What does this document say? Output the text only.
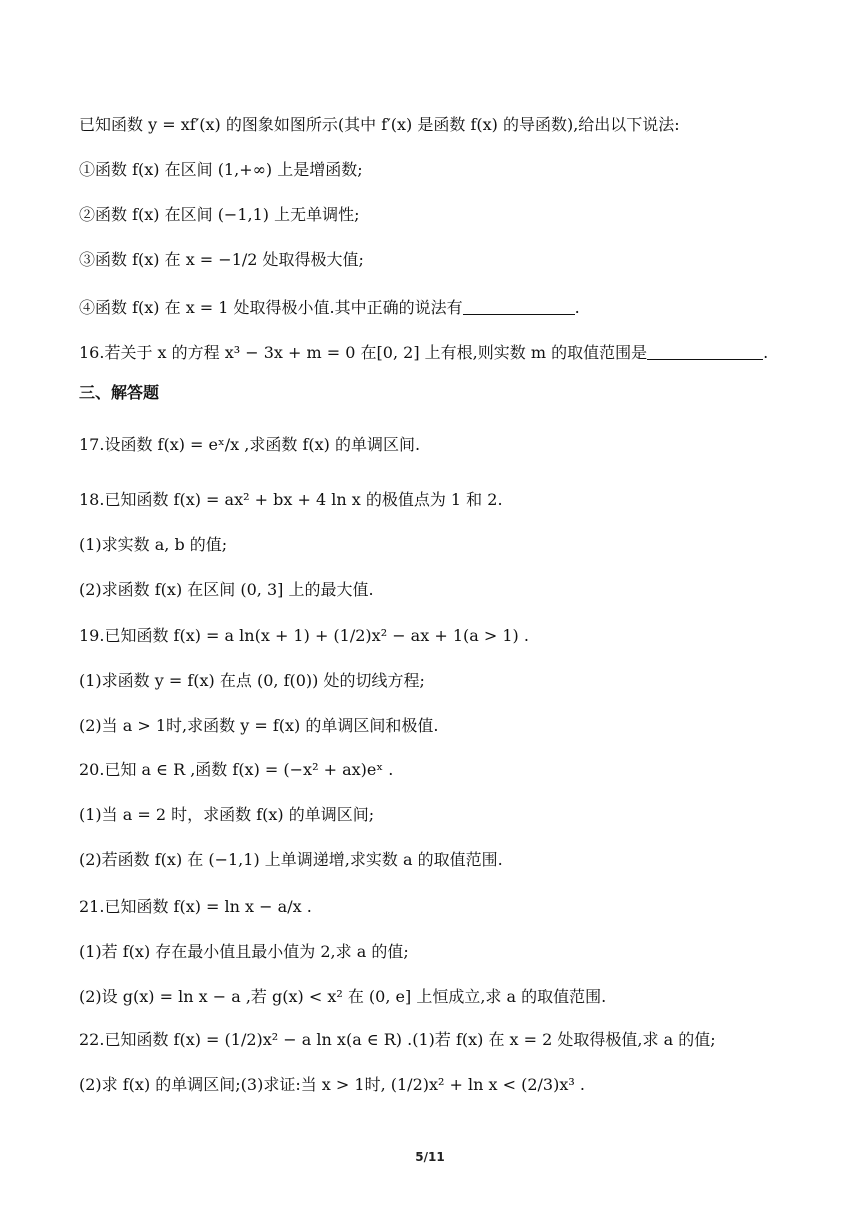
已知函数 y = xf′(x) 的图象如图所示(其中 f′(x) 是函数 f(x) 的导函数),给出以下说法:
①函数 f(x) 在区间 (1,+∞) 上是增函数;
②函数 f(x) 在区间 (−1,1) 上无单调性;
③函数 f(x) 在 x = −1/2 处取得极大值;
④函数 f(x) 在 x = 1 处取得极小值.其中正确的说法有	.
16.若关于 x 的方程 x³ − 3x + m = 0 在[0, 2] 上有根,则实数 m 的取值范围是	.
三、解答题
17.设函数 f(x) = eˣ/x ,求函数 f(x) 的单调区间.
18.已知函数 f(x) = ax² + bx + 4 ln x 的极值点为 1 和 2.
(1)求实数 a, b 的值;
(2)求函数 f(x) 在区间 (0, 3] 上的最大值.
19.已知函数 f(x) = a ln(x + 1) + (1/2)x² − ax + 1(a > 1) .
(1)求函数 y = f(x) 在点 (0, f(0)) 处的切线方程;
(2)当 a > 1时,求函数 y = f(x) 的单调区间和极值.
20.已知 a ∈ R ,函数 f(x) = (−x² + ax)eˣ .
(1)当 a = 2 时，求函数 f(x) 的单调区间;
(2)若函数 f(x) 在 (−1,1) 上单调递增,求实数 a 的取值范围.
21.已知函数 f(x) = ln x − a/x .
(1)若 f(x) 存在最小值且最小值为 2,求 a 的值;
(2)设 g(x) = ln x − a ,若 g(x) < x² 在 (0, e] 上恒成立,求 a 的取值范围.
22.已知函数 f(x) = (1/2)x² − a ln x(a ∈ R) .(1)若 f(x) 在 x = 2 处取得极值,求 a 的值;
(2)求 f(x) 的单调区间;(3)求证:当 x > 1时, (1/2)x² + ln x < (2/3)x³ .
5/11
